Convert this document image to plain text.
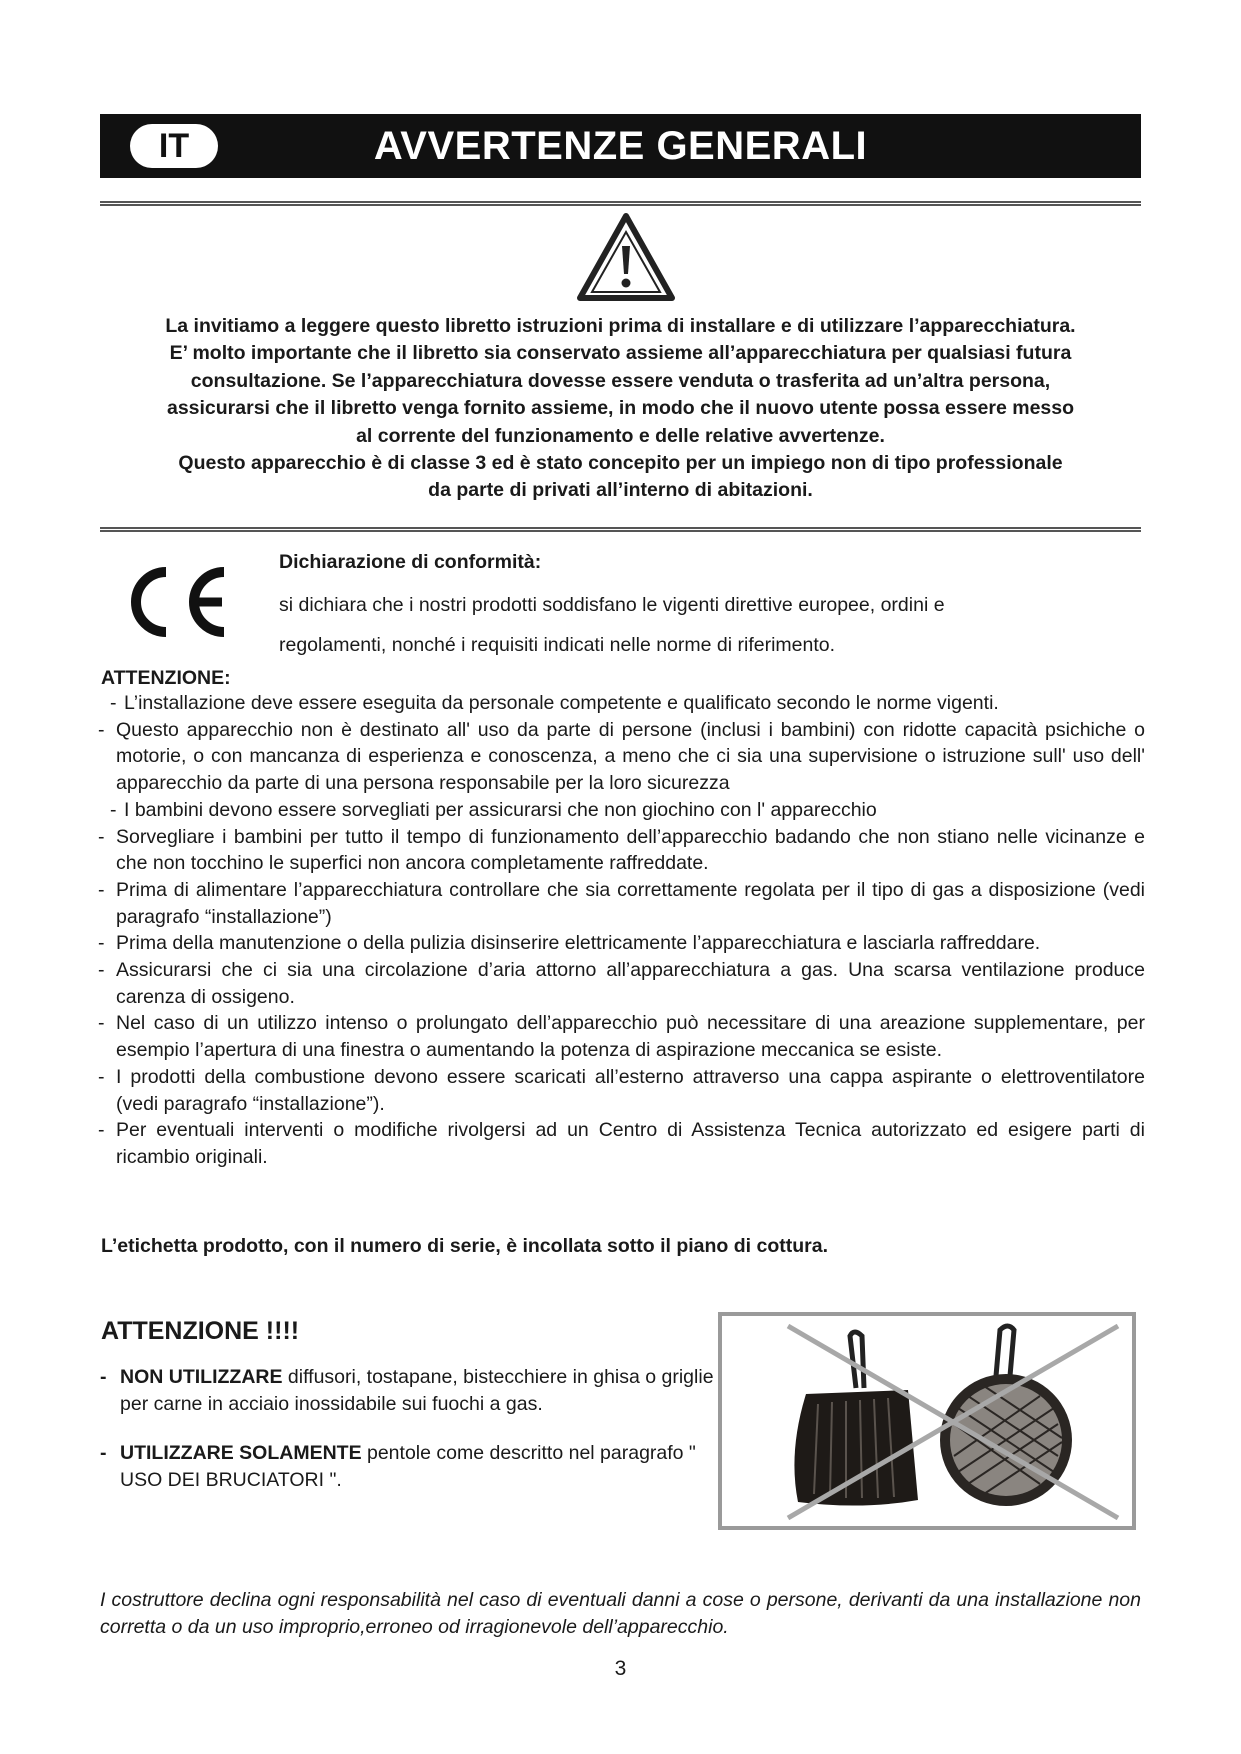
IT	AVVERTENZE GENERALI

La invitiamo a leggere questo libretto istruzioni prima di installare e di utilizzare l’apparecchiatura.

E’ molto importante che il libretto sia conservato assieme all’apparecchiatura per qualsiasi futura

consultazione. Se l’apparecchiatura dovesse essere venduta o trasferita ad un’altra persona,

assicurarsi che il libretto venga fornito assieme, in modo che il nuovo utente possa essere messo

al corrente del funzionamento e delle relative avvertenze.

Questo apparecchio è di classe 3 ed è stato concepito per un impiego non di tipo professionale

da parte di privati all’interno di abitazioni.

Dichiarazione di conformità:
si dichiara che i nostri prodotti soddisfano le vigenti direttive europee, ordini e
regolamenti, nonché i requisiti indicati nelle norme di riferimento.
ATTENZIONE:
- L’installazione deve essere eseguita da personale competente e qualificato secondo le norme vigenti.
- Questo apparecchio non è destinato all' uso da parte di persone (inclusi i bambini) con ridotte capacità psichiche o motorie, o con mancanza di esperienza e conoscenza, a meno che ci sia una supervisione o istruzione sull' uso dell' apparecchio da parte di una persona responsabile per la loro sicurezza
- I bambini devono essere sorvegliati per assicurarsi che non giochino con l' apparecchio
- Sorvegliare i bambini per tutto il tempo di funzionamento dell’apparecchio badando che non stiano nelle vicinanze e che non tocchino le superfici non ancora completamente raffreddate.
- Prima di alimentare l’apparecchiatura controllare che sia correttamente regolata per il tipo di gas a disposizione (vedi paragrafo “installazione”)
- Prima della manutenzione o della pulizia disinserire elettricamente l’apparecchiatura e lasciarla raffreddare.
- Assicurarsi che ci sia una circolazione d’aria attorno all’apparecchiatura a gas. Una scarsa ventilazione produce carenza di ossigeno.
- Nel caso di un utilizzo intenso o prolungato dell’apparecchio può necessitare di una areazione supplementare, per esempio l’apertura di una finestra o aumentando la potenza di aspirazione meccanica se esiste.
- I prodotti della combustione devono essere scaricati all’esterno attraverso una cappa aspirante o elettroventilatore (vedi paragrafo “installazione”).
- Per eventuali interventi o modifiche rivolgersi ad un Centro di Assistenza Tecnica autorizzato ed esigere parti di ricambio originali.
L’etichetta prodotto, con il numero di serie, è incollata sotto il piano di cottura.
ATTENZIONE !!!!
- NON UTILIZZARE diffusori, tostapane, bistecchiere in ghisa o griglie per carne in acciaio inossidabile sui fuochi a gas.
- UTILIZZARE SOLAMENTE pentole come descritto nel paragrafo " USO DEI BRUCIATORI ".
I costruttore declina ogni responsabilità nel caso di eventuali danni a cose o persone, derivanti da una installazione non corretta o da un uso improprio,erroneo od irragionevole dell’apparecchio.
3
